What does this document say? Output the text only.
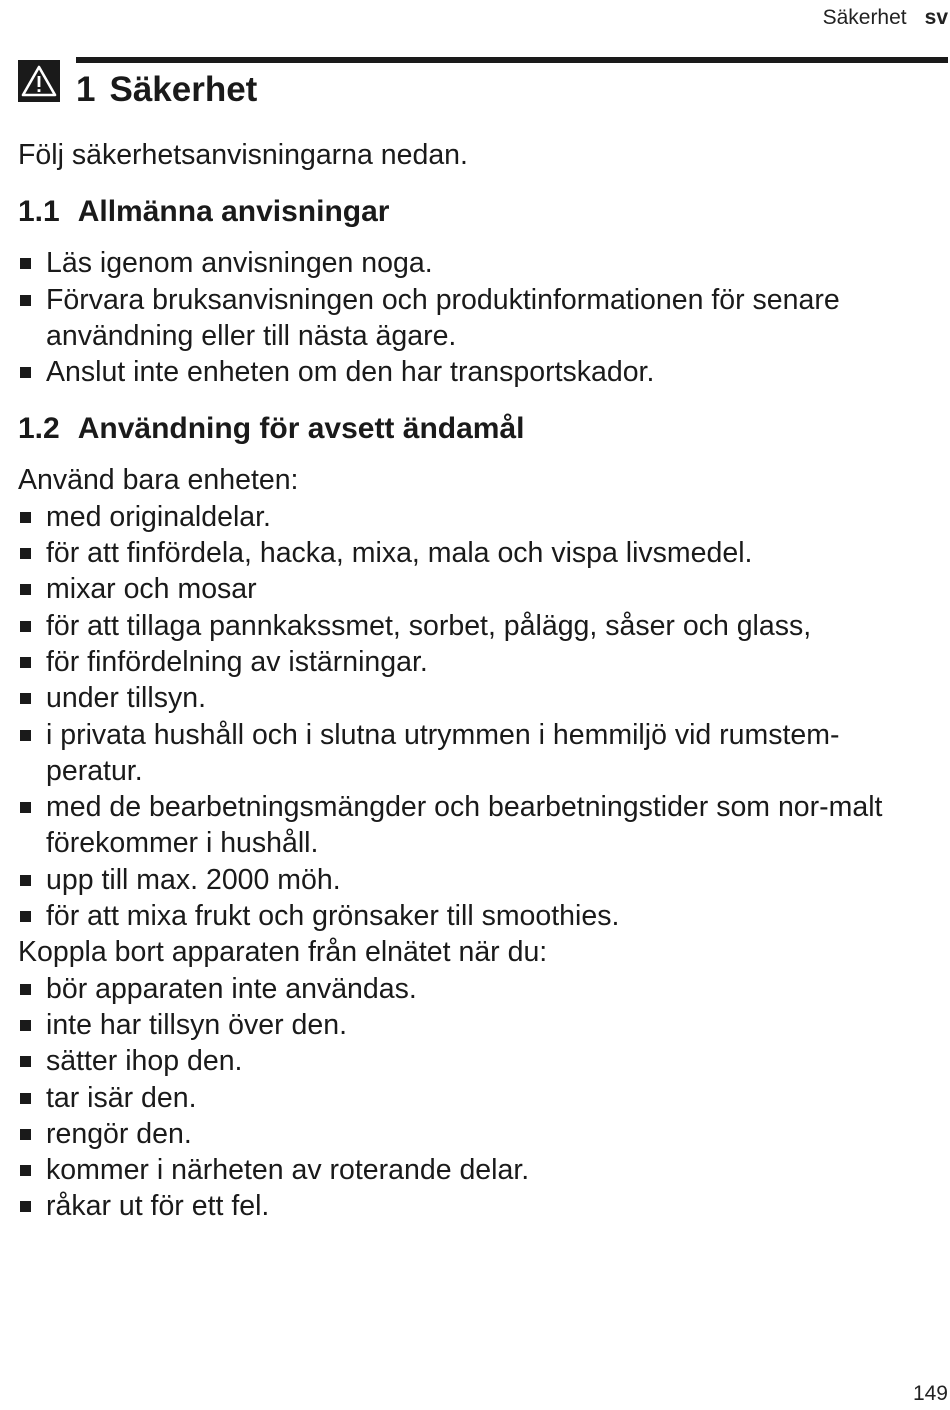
Säkerhet sv
1 Säkerhet

Följ säkerhetsanvisningarna nedan.

1.1 Allmänna anvisningar
Läs igenom anvisningen noga.
Förvara bruksanvisningen och produktinformationen för senare användning eller till nästa ägare.
Anslut inte enheten om den har transportskador.
1.2 Användning för avsett ändamål

Använd bara enheten:

med originaldelar.
för att finfördela, hacka, mixa, mala och vispa livsmedel.
mixar och mosar
för att tillaga pannkakssmet, sorbet, pålägg, såser och glass,
för finfördelning av istärningar.
under tillsyn.
i privata hushåll och i slutna utrymmen i hemmiljö vid rumstem-peratur.
med de bearbetningsmängder och bearbetningstider som nor-malt förekommer i hushåll.
upp till max. 2000 möh.
för att mixa frukt och grönsaker till smoothies.

Koppla bort apparaten från elnätet när du:

bör apparaten inte användas.
inte har tillsyn över den.
sätter ihop den.
tar isär den.
rengör den.
kommer i närheten av roterande delar.
råkar ut för ett fel.
149
